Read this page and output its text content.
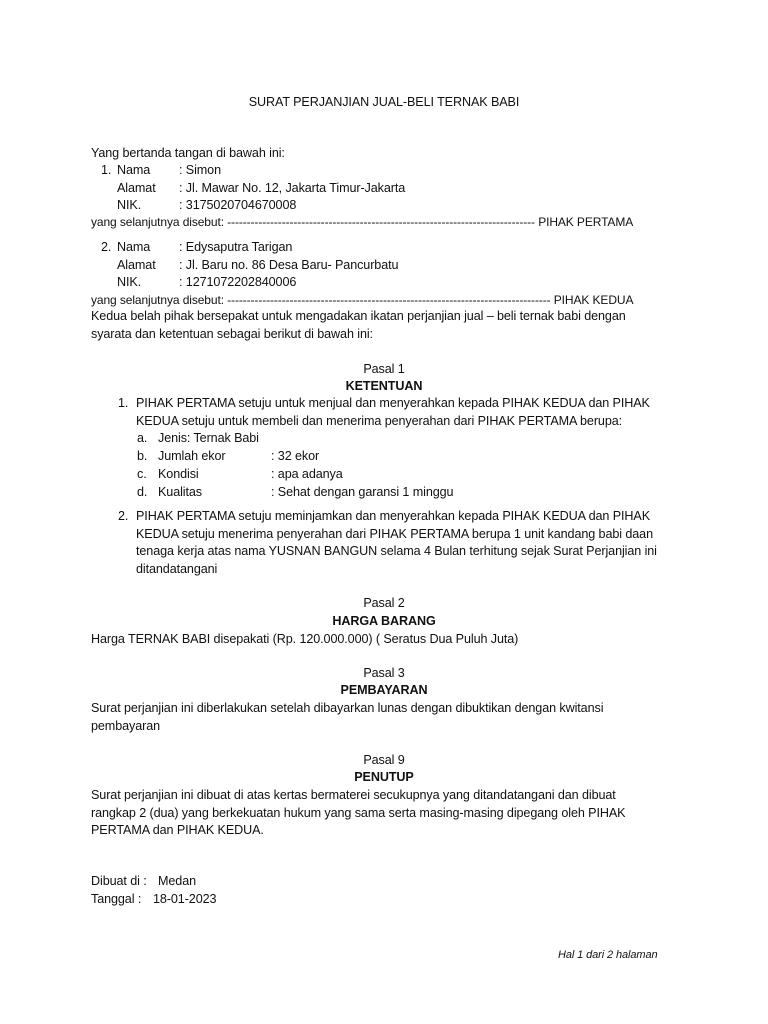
SURAT PERJANJIAN JUAL-BELI TERNAK BABI
Yang bertanda tangan di bawah ini:
1. Nama : Simon
Alamat : Jl. Mawar No. 12, Jakarta Timur-Jakarta
NIK.	: 3175020704670008
yang selanjutnya disebut: ------------------------------------------------------------------------------- PIHAK PERTAMA
2. Nama : Edysaputra Tarigan
Alamat : Jl. Baru no. 86 Desa Baru- Pancurbatu
NIK.	: 1271072202840006
yang selanjutnya disebut: ----------------------------------------------------------------------------------- PIHAK KEDUA
Kedua belah pihak bersepakat untuk mengadakan ikatan perjanjian jual – beli ternak babi dengan
syarata dan ketentuan sebagai berikut di bawah ini:
Pasal 1
KETENTUAN
1. PIHAK PERTAMA setuju untuk menjual dan menyerahkan kepada PIHAK KEDUA dan PIHAK
KEDUA setuju untuk membeli dan menerima penyerahan dari PIHAK PERTAMA berupa:
a. Jenis: Ternak Babi
b. Jumlah ekor	: 32 ekor
c. Kondisi	: apa adanya
d. Kualitas	: Sehat dengan garansi 1 minggu
2. PIHAK PERTAMA setuju meminjamkan dan menyerahkan kepada PIHAK KEDUA dan PIHAK
KEDUA setuju menerima penyerahan dari PIHAK PERTAMA berupa 1 unit kandang babi daan
tenaga kerja atas nama YUSNAN BANGUN selama 4 Bulan terhitung sejak Surat Perjanjian ini
ditandatangani
Pasal 2
HARGA BARANG
Harga TERNAK BABI disepakati (Rp. 120.000.000) ( Seratus Dua Puluh Juta)
Pasal 3
PEMBAYARAN
Surat perjanjian ini diberlakukan setelah dibayarkan lunas dengan dibuktikan dengan kwitansi
pembayaran
Pasal 9
PENUTUP
Surat perjanjian ini dibuat di atas kertas bermaterei secukupnya yang ditandatangani dan dibuat
rangkap 2 (dua) yang berkekuatan hukum yang sama serta masing-masing dipegang oleh PIHAK
PERTAMA dan PIHAK KEDUA.
Dibuat di : Medan
Tanggal : 18-01-2023
Hal 1 dari 2 halaman
